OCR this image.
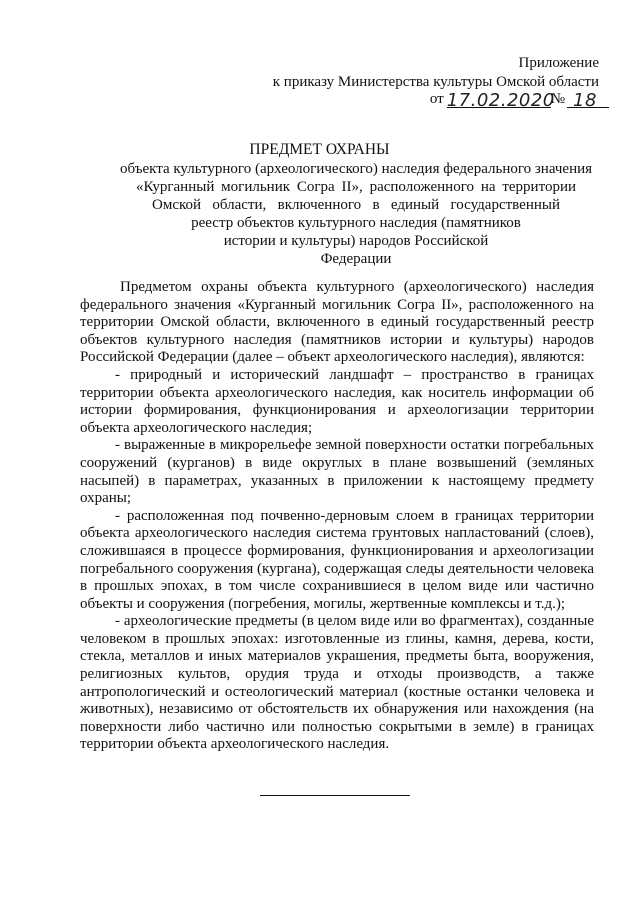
Приложение
к приказу Министерства культуры Омской области
от 17.02.2020
№ 18
ПРЕДМЕТ ОХРАНЫ
объекта культурного (археологического) наследия федерального значения
«Курганный могильник Согра II», расположенного на территории
Омской области, включенного в единый государственный
реестр объектов культурного наследия (памятников
истории и культуры) народов Российской
Федерации
Предметом охраны объекта культурного (археологического) наследия
федерального значения «Курганный могильник Согра II», расположенного на
территории Омской области, включенного в единый государственный реестр
объектов культурного наследия (памятников истории и культуры) народов
Российской Федерации (далее – объект археологического наследия), являются:
- природный и исторический ландшафт – пространство в границах
территории объекта археологического наследия, как носитель информации об
истории формирования, функционирования и археологизации территории
объекта археологического наследия;
- выраженные в микрорельефе земной поверхности остатки погребальных
сооружений (курганов) в виде округлых в плане возвышений (земляных
насыпей) в параметрах, указанных в приложении к настоящему предмету
охраны;
- расположенная под почвенно-дерновым слоем в границах территории
объекта археологического наследия система грунтовых напластований (слоев),
сложившаяся в процессе формирования, функционирования и археологизации
погребального сооружения (кургана), содержащая следы деятельности человека
в прошлых эпохах, в том числе сохранившиеся в целом виде или частично
объекты и сооружения (погребения, могилы, жертвенные комплексы и т.д.);
- археологические предметы (в целом виде или во фрагментах), созданные
человеком в прошлых эпохах: изготовленные из глины, камня, дерева, кости,
стекла, металлов и иных материалов украшения, предметы быта, вооружения,
религиозных культов, орудия труда и отходы производств, а также
антропологический и остеологический материал (костные останки человека и
животных), независимо от обстоятельств их обнаружения или нахождения (на
поверхности либо частично или полностью сокрытыми в земле) в границах
территории объекта археологического наследия.
